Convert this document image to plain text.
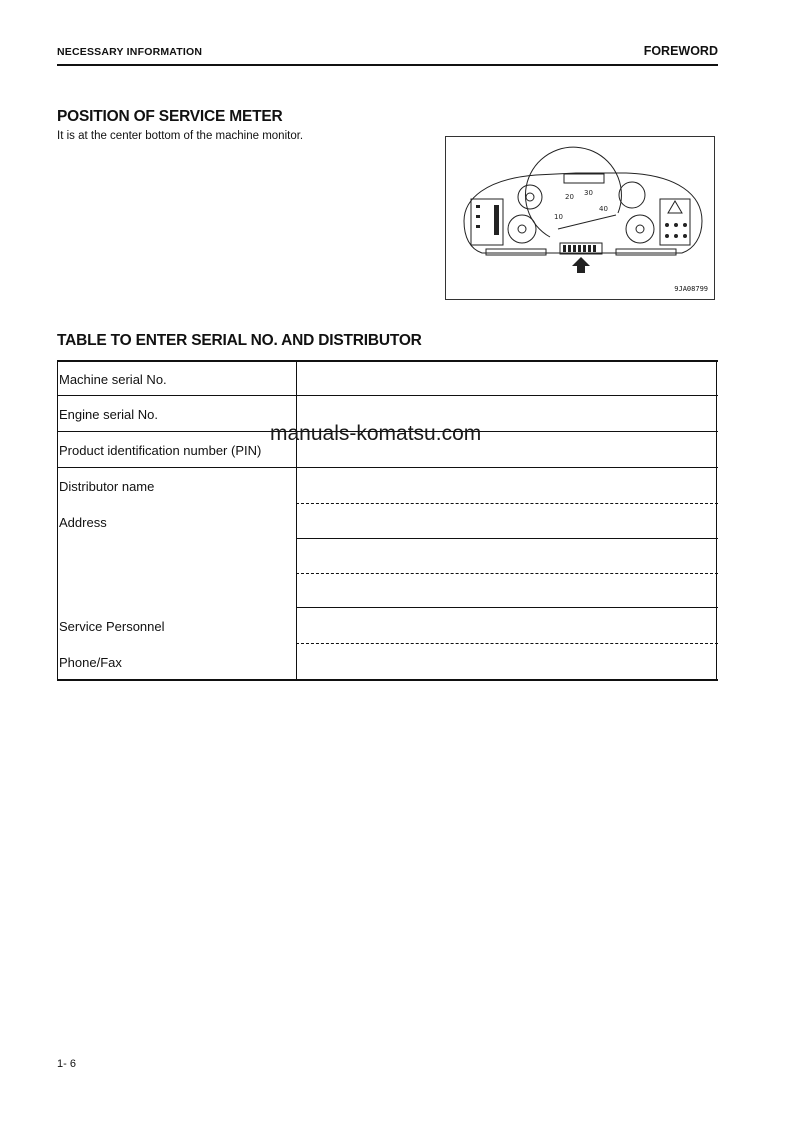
NECESSARY INFORMATION	FOREWORD
POSITION OF SERVICE METER
It is at the center bottom of the machine monitor.
10
20 30
40
9JA08799
TABLE TO ENTER SERIAL NO. AND DISTRIBUTOR
Machine serial No.
Engine serial No.
Product identification number (PIN)
Distributor name
Address
Service Personnel
Phone/Fax
manuals-komatsu.com
1- 6
